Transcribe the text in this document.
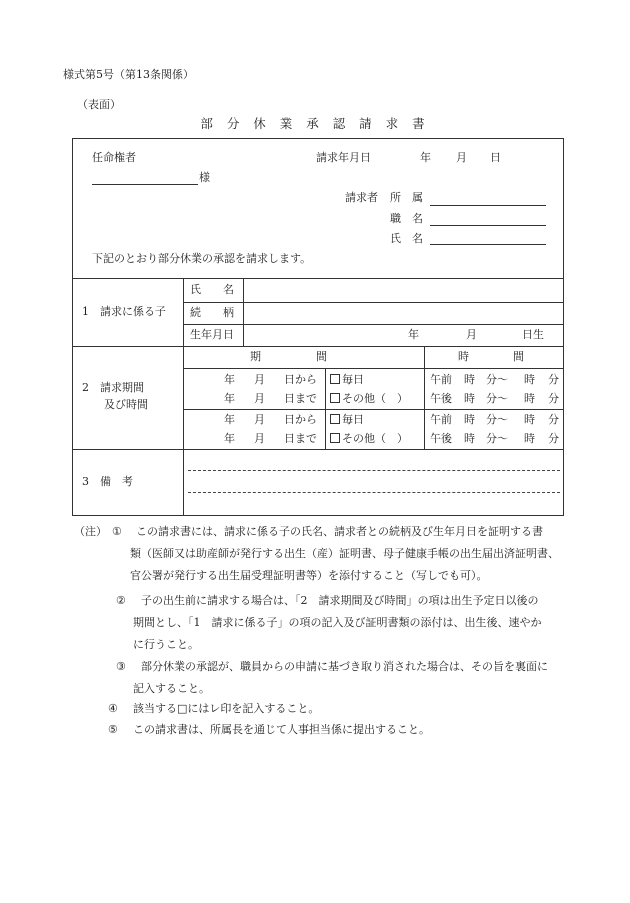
様式第5号（第13条関係）
（表面）
部 分 休 業 承 認 請 求 書
任命権者	請求年月日	年 月 日
様
請求者 所　属
職　名
氏　名
下記のとおり部分休業の承認を請求します。
1　請求に係る子
氏　　名
続　　柄
生年月日	年	月	日生
2　請求期間
及び時間
期　　　　　間	時　　　　間
年 月 日から	毎日	午前 時 分～ 時 分
年 月 日まで	その他（　） 午後 時 分～ 時 分
年 月 日から	毎日	午前 時 分～ 時 分
年 月 日まで	その他（　） 午後 時 分～ 時 分
3　備　考
（注） ① この請求書には、請求に係る子の氏名、請求者との続柄及び生年月日を証明する書
類（医師又は助産師が発行する出生（産）証明書、母子健康手帳の出生届出済証明書、
官公署が発行する出生届受理証明書等）を添付すること（写しでも可）。
② 子の出生前に請求する場合は、「2　請求期間及び時間」の項は出生予定日以後の
期間とし、「1　請求に係る子」の項の記入及び証明書類の添付は、出生後、速やか
に行うこと。
③ 部分休業の承認が、職員からの申請に基づき取り消された場合は、その旨を裏面に
記入すること。
④ 該当する□にはレ印を記入すること。
⑤ この請求書は、所属長を通じて人事担当係に提出すること。
